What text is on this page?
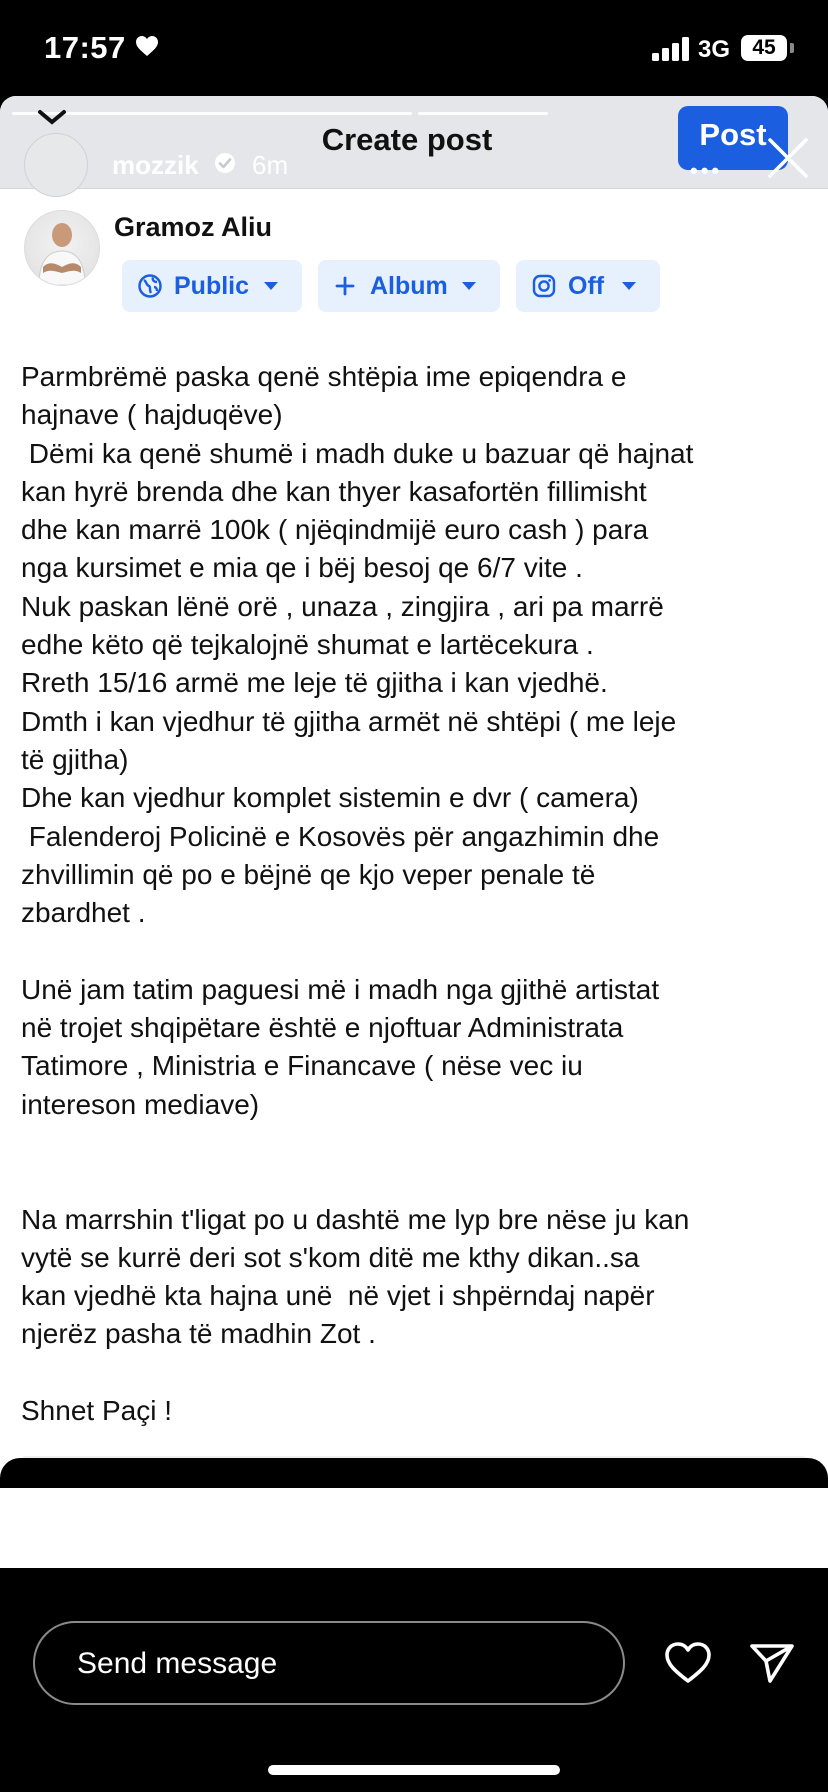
17:57	3G	45
Create post	Post
•••
mozzik 6m
Gramoz Aliu
Public	Album	Off

Parmbrëmë paska qenë shtëpia ime epiqendra e
hajnave ( hajduqëve)
Dëmi ka qenë shumë i madh duke u bazuar që hajnat
kan hyrë brenda dhe kan thyer kasafortën fillimisht
dhe kan marrë 100k ( njëqindmijë euro cash ) para
nga kursimet e mia qe i bëj besoj qe 6/7 vite .
Nuk paskan lënë orë , unaza , zingjira , ari pa marrë
edhe këto që tejkalojnë shumat e lartëcekura .
Rreth 15/16 armë me leje të gjitha i kan vjedhë.
Dmth i kan vjedhur të gjitha armët në shtëpi ( me leje
të gjitha)
Dhe kan vjedhur komplet sistemin e dvr ( camera)
Falenderoj Policinë e Kosovës për angazhimin dhe
zhvillimin që po e bëjnë qe kjo veper penale të
zbardhet .

Unë jam tatim paguesi më i madh nga gjithë artistat
në trojet shqipëtare është e njoftuar Administrata
Tatimore , Ministria e Financave ( nëse vec iu
intereson mediave)

Na marrshin t'ligat po u dashtë me lyp bre nëse ju kan
vytë se kurrë deri sot s'kom ditë me kthy dikan..sa
kan vjedhë kta hajna unë  në vjet i shpërndaj napër
njerëz pasha të madhin Zot .

Shnet Paçi !

Send message
